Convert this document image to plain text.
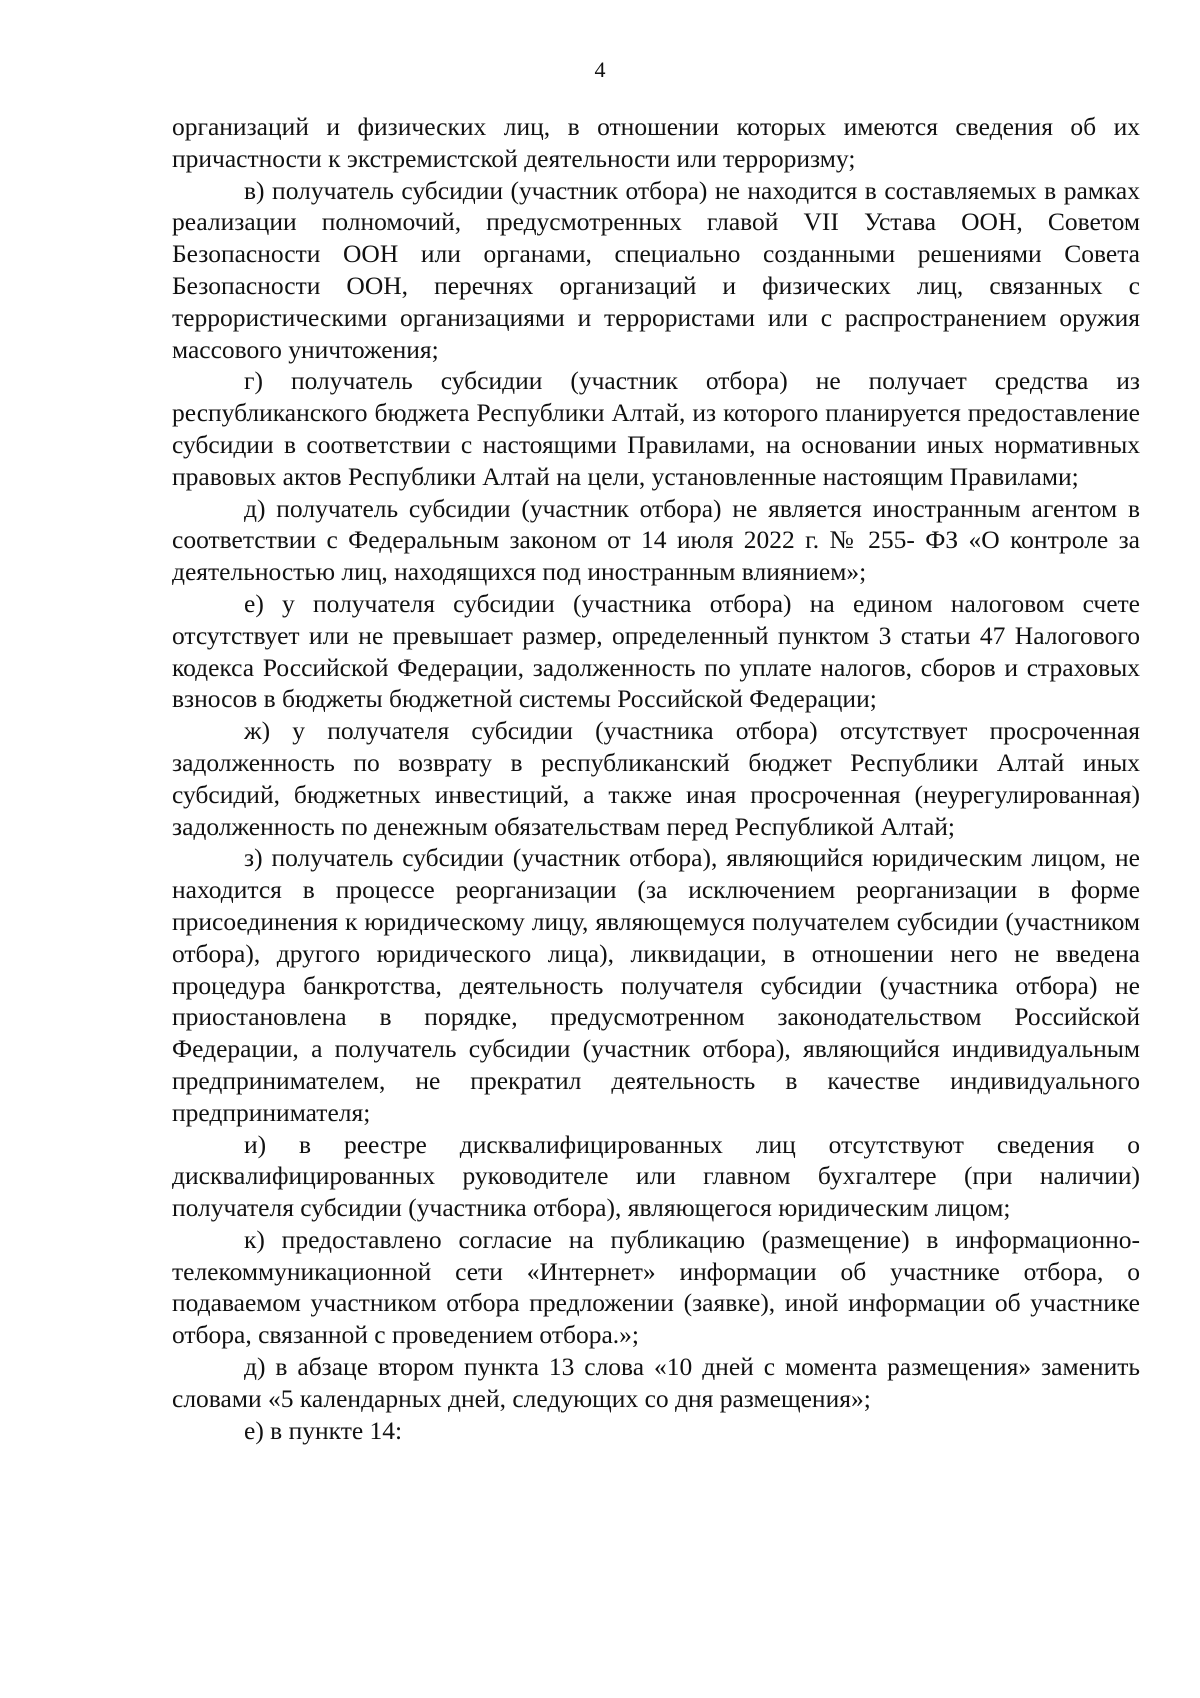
4

организаций и физических лиц, в отношении которых имеются сведения об их причастности к экстремистской деятельности или терроризму;

в) получатель субсидии (участник отбора) не находится в составляемых в рамках реализации полномочий, предусмотренных главой VII Устава ООН, Советом Безопасности ООН или органами, специально созданными решениями Совета Безопасности ООН, перечнях организаций и физических лиц, связанных с террористическими организациями и террористами или с распространением оружия массового уничтожения;

г) получатель субсидии (участник отбора) не получает средства из республиканского бюджета Республики Алтай, из которого планируется предоставление субсидии в соответствии с настоящими Правилами, на основании иных нормативных правовых актов Республики Алтай на цели, установленные настоящим Правилами;

д) получатель субсидии (участник отбора) не является иностранным агентом в соответствии с Федеральным законом от 14 июля 2022 г. № 255- ФЗ «О контроле за деятельностью лиц, находящихся под иностранным влиянием»;

е) у получателя субсидии (участника отбора) на едином налоговом счете отсутствует или не превышает размер, определенный пунктом 3 статьи 47 Налогового кодекса Российской Федерации, задолженность по уплате налогов, сборов и страховых взносов в бюджеты бюджетной системы Российской Федерации;

ж) у получателя субсидии (участника отбора) отсутствует просроченная задолженность по возврату в республиканский бюджет Республики Алтай иных субсидий, бюджетных инвестиций, а также иная просроченная (неурегулированная) задолженность по денежным обязательствам перед Республикой Алтай;

з) получатель субсидии (участник отбора), являющийся юридическим лицом, не находится в процессе реорганизации (за исключением реорганизации в форме присоединения к юридическому лицу, являющемуся получателем субсидии (участником отбора), другого юридического лица), ликвидации, в отношении него не введена процедура банкротства, деятельность получателя субсидии (участника отбора) не приостановлена в порядке, предусмотренном законодательством Российской Федерации, а получатель субсидии (участник отбора), являющийся индивидуальным предпринимателем, не прекратил деятельность в качестве индивидуального предпринимателя;

и) в реестре дисквалифицированных лиц отсутствуют сведения о дисквалифицированных руководителе или главном бухгалтере (при наличии) получателя субсидии (участника отбора), являющегося юридическим лицом;

к) предоставлено согласие на публикацию (размещение) в информационно-телекоммуникационной сети «Интернет» информации об участнике отбора, о подаваемом участником отбора предложении (заявке), иной информации об участнике отбора, связанной с проведением отбора.»;

д) в абзаце втором пункта 13 слова «10 дней с момента размещения» заменить словами «5 календарных дней, следующих со дня размещения»;

е) в пункте 14:
